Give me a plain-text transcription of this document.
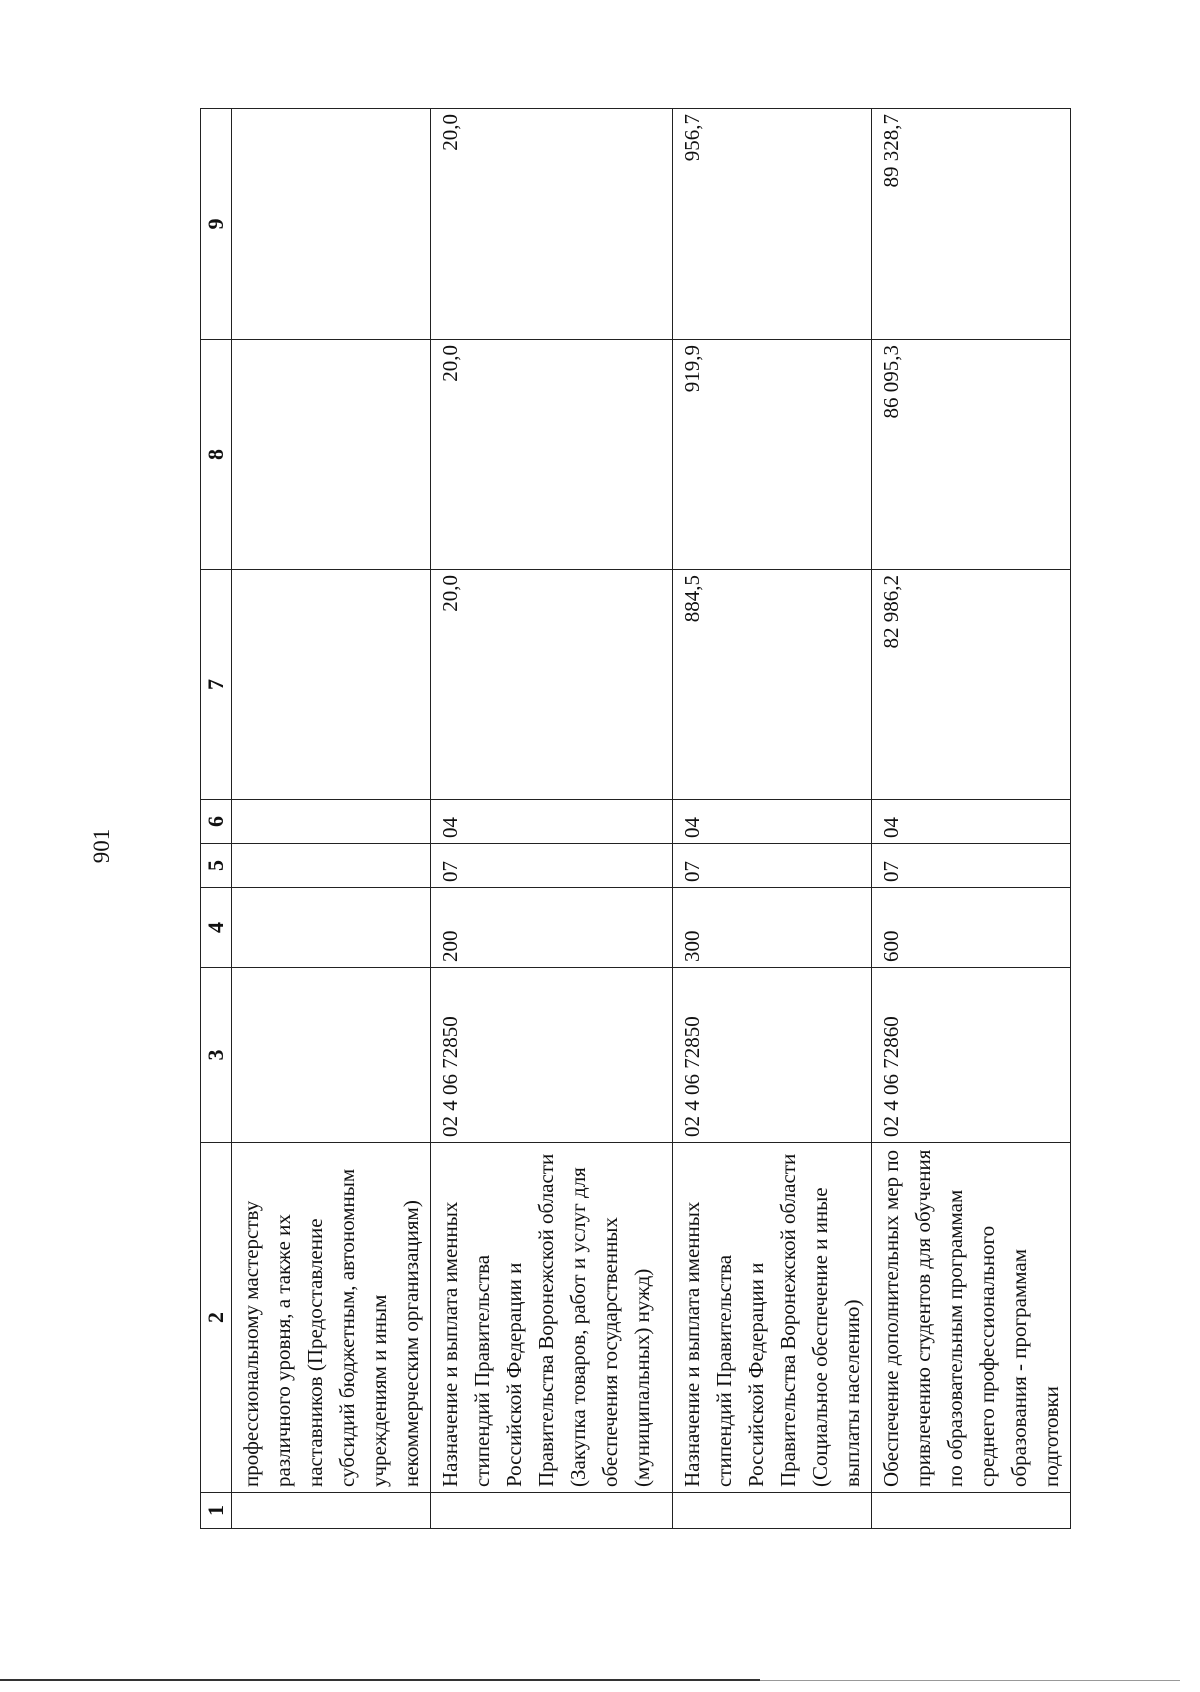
901
1	2	3	4	5	6	7	8	9
	профессиональному мастерству различного уровня, а также их наставников (Предоставление субсидий бюджетным, автономным учреждениям и иным некоммерческим организациям)							
	Назначение и выплата именных стипендий Правительства Российской Федерации и Правительства Воронежской области (Закупка товаров, работ и услуг для обеспечения государственных (муниципальных) нужд)	02 4 06 72850	200	07	04	20,0	20,0	20,0
	Назначение и выплата именных стипендий Правительства Российской Федерации и Правительства Воронежской области (Социальное обеспечение и иные выплаты населению)	02 4 06 72850	300	07	04	884,5	919,9	956,7
	Обеспечение дополнительных мер по привлечению студентов для обучения по образовательным программам среднего профессионального образования - программам подготовки	02 4 06 72860	600	07	04	82 986,2	86 095,3	89 328,7
